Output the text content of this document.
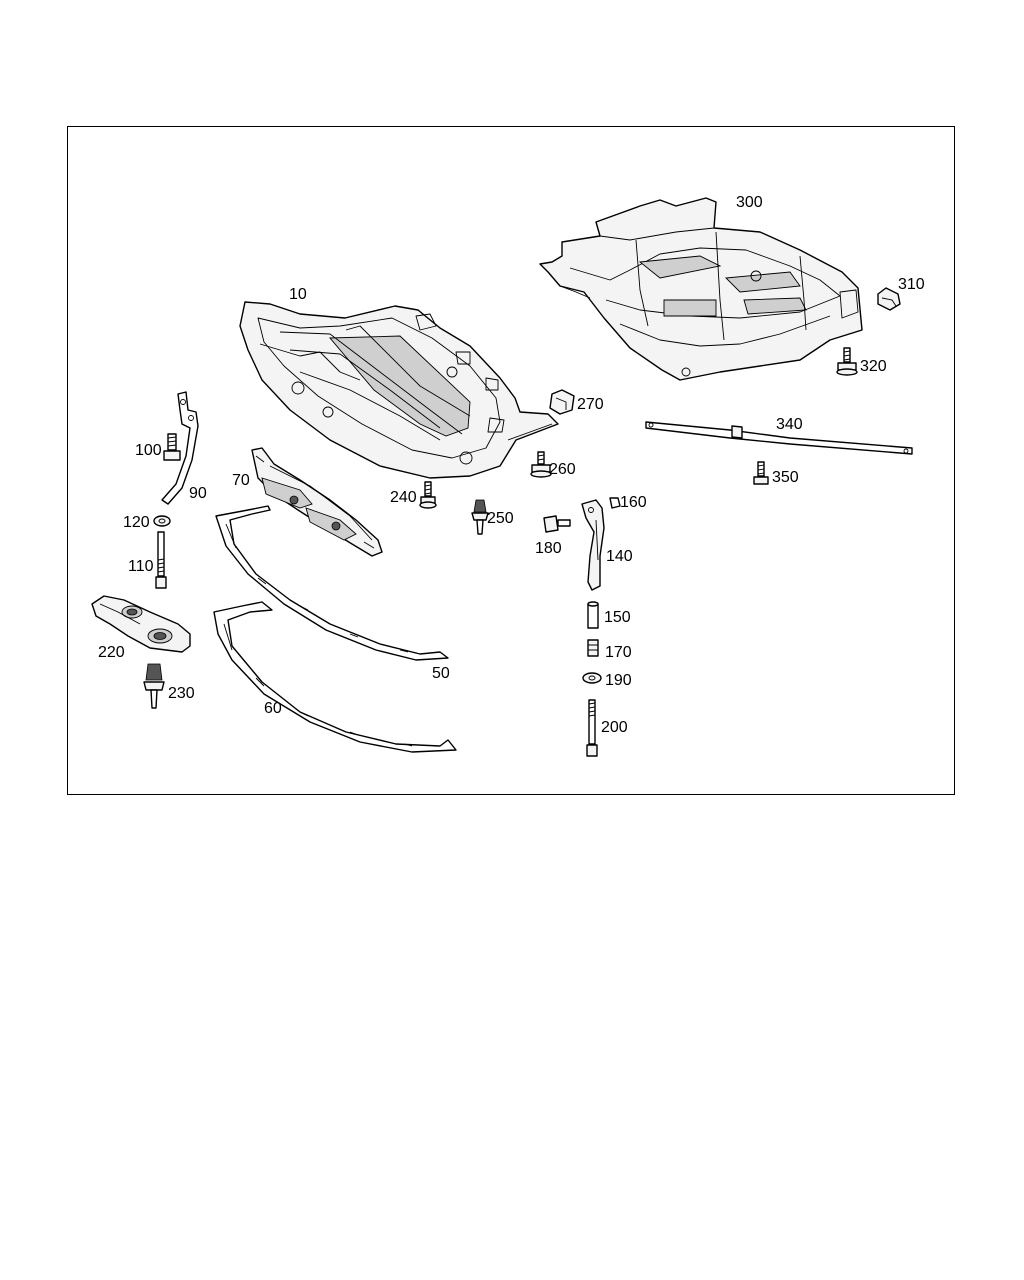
10
300
310
320
270
340
100
350
260
70
90	240	160
250
120
180	140
110
150
220	170
50	190
230
60
200
